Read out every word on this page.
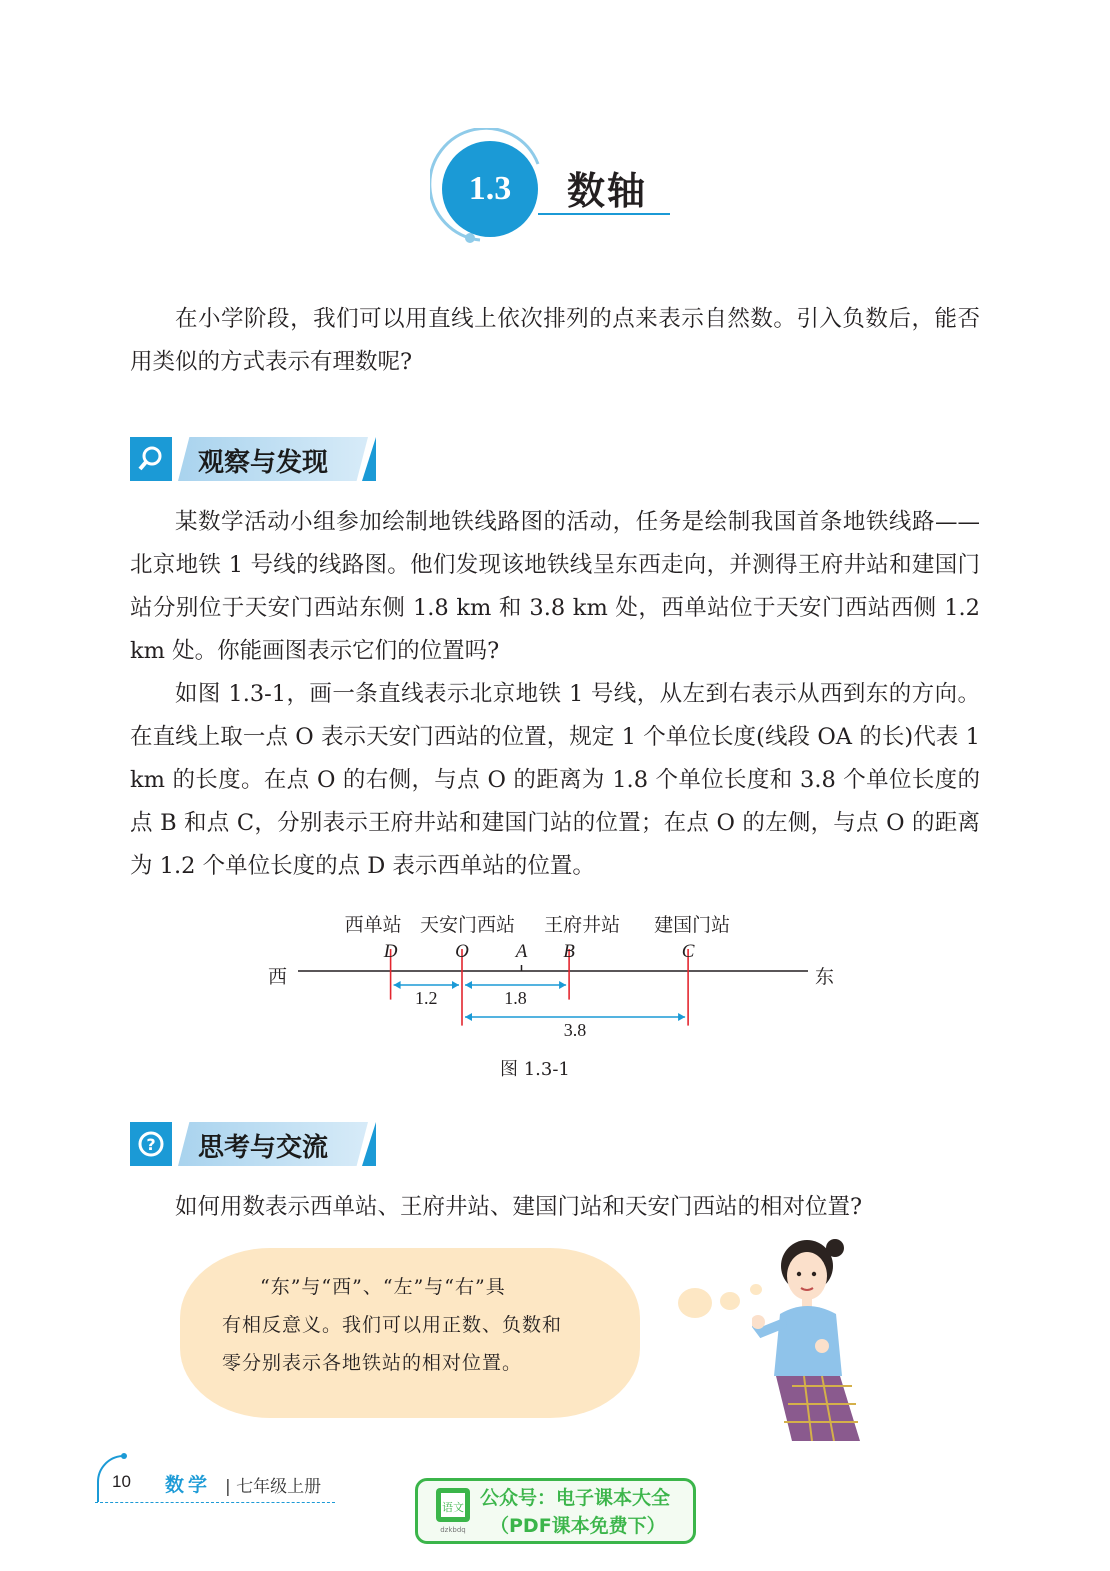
1.3	数轴

在小学阶段，我们可以用直线上依次排列的点来表示自然数。引入负数后，能否用类似的方式表示有理数呢?

观察与发现

某数学活动小组参加绘制地铁线路图的活动，任务是绘制我国首条地铁线路——北京地铁 1 号线的线路图。他们发现该地铁线呈东西走向，并测得王府井站和建国门站分别位于天安门西站东侧 1.8 km 和 3.8 km 处，西单站位于天安门西站西侧 1.2 km 处。你能画图表示它们的位置吗?

如图 1.3-1，画一条直线表示北京地铁 1 号线，从左到右表示从西到东的方向。在直线上取一点 O 表示天安门西站的位置，规定 1 个单位长度(线段 OA 的长)代表 1 km 的长度。在点 O 的右侧，与点 O 的距离为 1.8 个单位长度和 3.8 个单位长度的点 B 和点 C，分别表示王府井站和建国门站的位置；在点 O 的左侧，与点 O 的距离为 1.2 个单位长度的点 D 表示西单站的位置。

西	东
D
西单站
O
天安门西站
A B
王府井站
C
建国门站
1.2	1.8
3.8
图 1.3-1
? 思考与交流

如何用数表示西单站、王府井站、建国门站和天安门西站的相对位置?

“东”与“西”、“左”与“右”具

有相反意义。我们可以用正数、负数和

零分别表示各地铁站的相对位置。

10 数学 | 七年级上册
语文
dzkbdq
公众号：电子课本大全
（PDF课本免费下）
